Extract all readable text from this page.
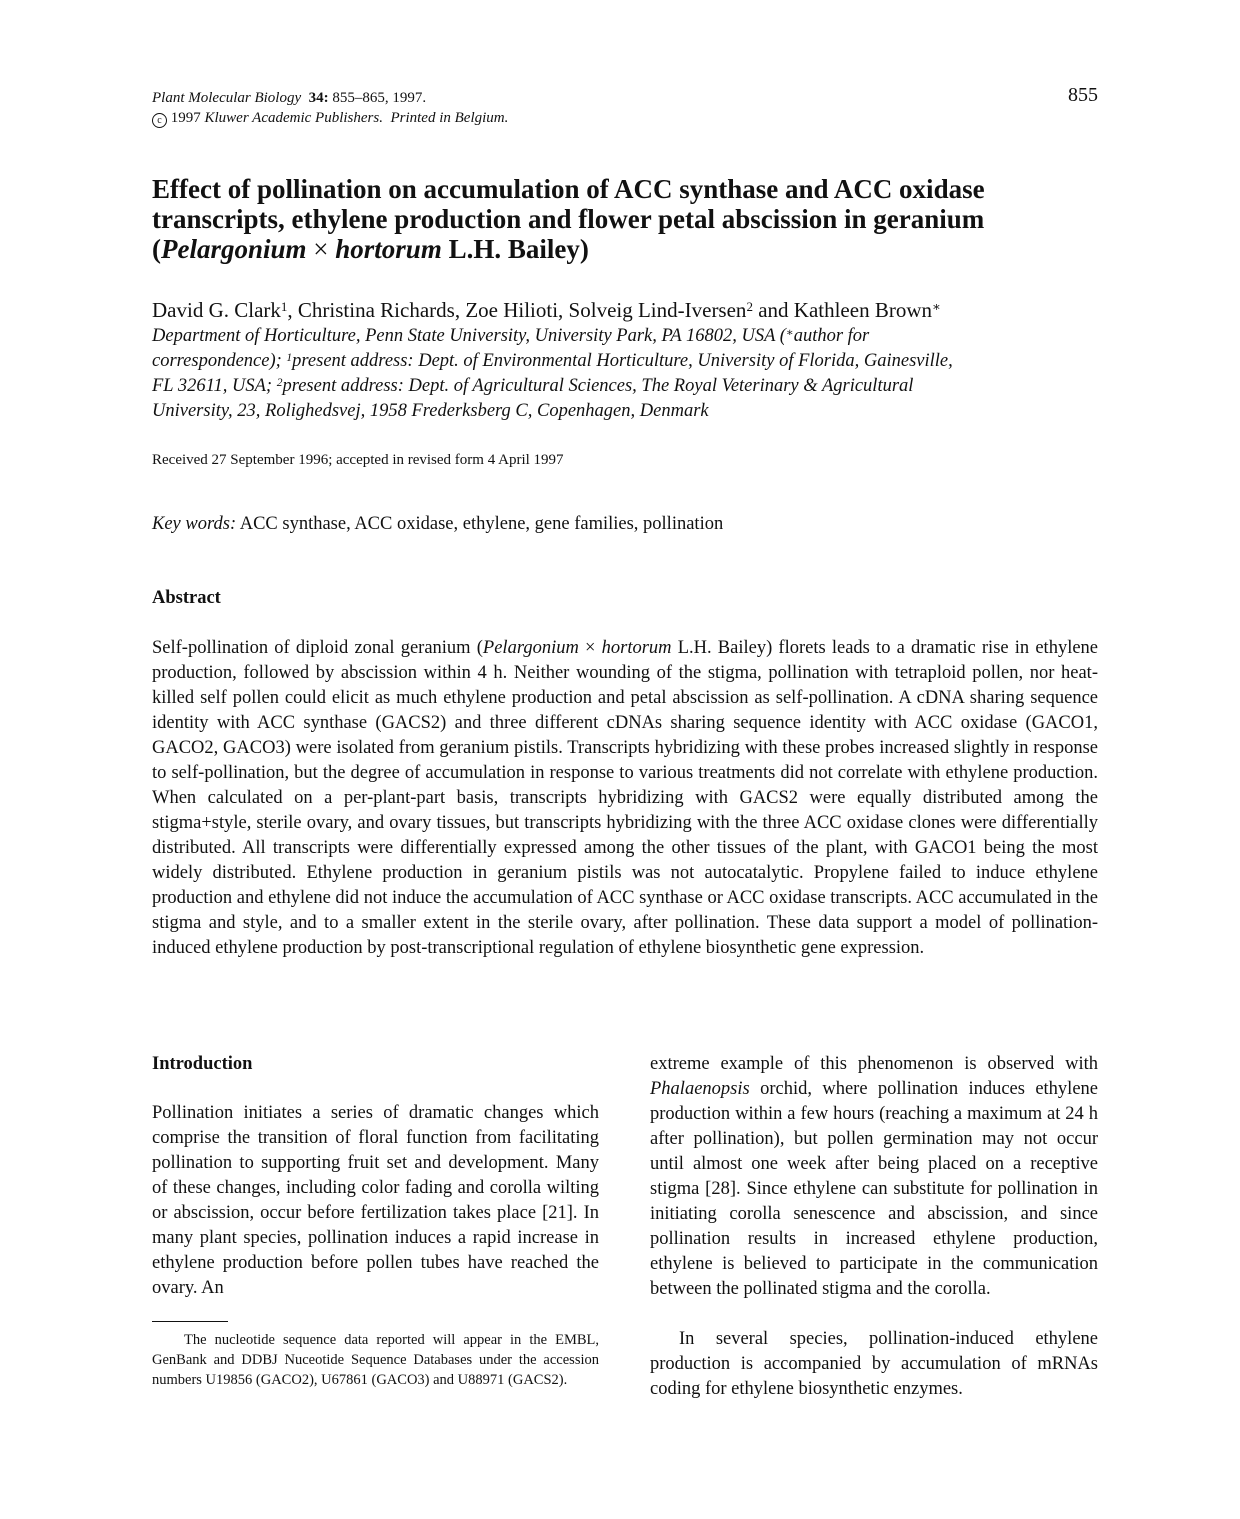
Plant Molecular Biology 34: 855–865, 1997.
c 1997 Kluwer Academic Publishers. Printed in Belgium.
855
Effect of pollination on accumulation of ACC synthase and ACC oxidase
transcripts, ethylene production and flower petal abscission in geranium
(Pelargonium × hortorum L.H. Bailey)
David G. Clark$^1$, Christina Richards, Zoe Hilioti, Solveig Lind-Iversen$^2$ and Kathleen Brown∗
Department of Horticulture, Penn State University, University Park, PA 16802, USA (∗author for
correspondence); $^1$present address: Dept. of Environmental Horticulture, University of Florida, Gainesville,
FL 32611, USA; $^2$present address: Dept. of Agricultural Sciences, The Royal Veterinary & Agricultural
University, 23, Rolighedsvej, 1958 Frederksberg C, Copenhagen, Denmark
Received 27 September 1996; accepted in revised form 4 April 1997
Key words: ACC synthase, ACC oxidase, ethylene, gene families, pollination
Abstract

Self-pollination of diploid zonal geranium (Pelargonium × hortorum L.H. Bailey) florets leads to a dramatic rise in ethylene production, followed by abscission within 4 h. Neither wounding of the stigma, pollination with tetraploid pollen, nor heat-killed self pollen could elicit as much ethylene production and petal abscission as self-pollination. A cDNA sharing sequence identity with ACC synthase (GACS2) and three different cDNAs sharing sequence identity with ACC oxidase (GACO1, GACO2, GACO3) were isolated from geranium pistils. Transcripts hybridizing with these probes increased slightly in response to self-pollination, but the degree of accumulation in response to various treatments did not correlate with ethylene production. When calculated on a per-plant-part basis, transcripts hybridizing with GACS2 were equally distributed among the stigma+style, sterile ovary, and ovary tissues, but transcripts hybridizing with the three ACC oxidase clones were differentially distributed. All transcripts were differentially expressed among the other tissues of the plant, with GACO1 being the most widely distributed. Ethylene production in geranium pistils was not autocatalytic. Propylene failed to induce ethylene production and ethylene did not induce the accumulation of ACC synthase or ACC oxidase transcripts. ACC accumulated in the stigma and style, and to a smaller extent in the sterile ovary, after pollination. These data support a model of pollination-induced ethylene production by post-transcriptional regulation of ethylene biosynthetic gene expression.

Introduction

Pollination initiates a series of dramatic changes which comprise the transition of floral function from facilitating pollination to supporting fruit set and development. Many of these changes, including color fading and corolla wilting or abscission, occur before fertilization takes place [21]. In many plant species, pollination induces a rapid increase in ethylene production before pollen tubes have reached the ovary. An

extreme example of this phenomenon is observed with Phalaenopsis orchid, where pollination induces ethylene production within a few hours (reaching a maximum at 24 h after pollination), but pollen germination may not occur until almost one week after being placed on a receptive stigma [28]. Since ethylene can substitute for pollination in initiating corolla senescence and abscission, and since pollination results in increased ethylene production, ethylene is believed to participate in the communication between the pollinated stigma and the corolla.

In several species, pollination-induced ethylene production is accompanied by accumulation of mRNAs coding for ethylene biosynthetic enzymes.

The nucleotide sequence data reported will appear in the EMBL, GenBank and DDBJ Nuceotide Sequence Databases under the accession numbers U19856 (GACO2), U67861 (GACO3) and U88971 (GACS2).
